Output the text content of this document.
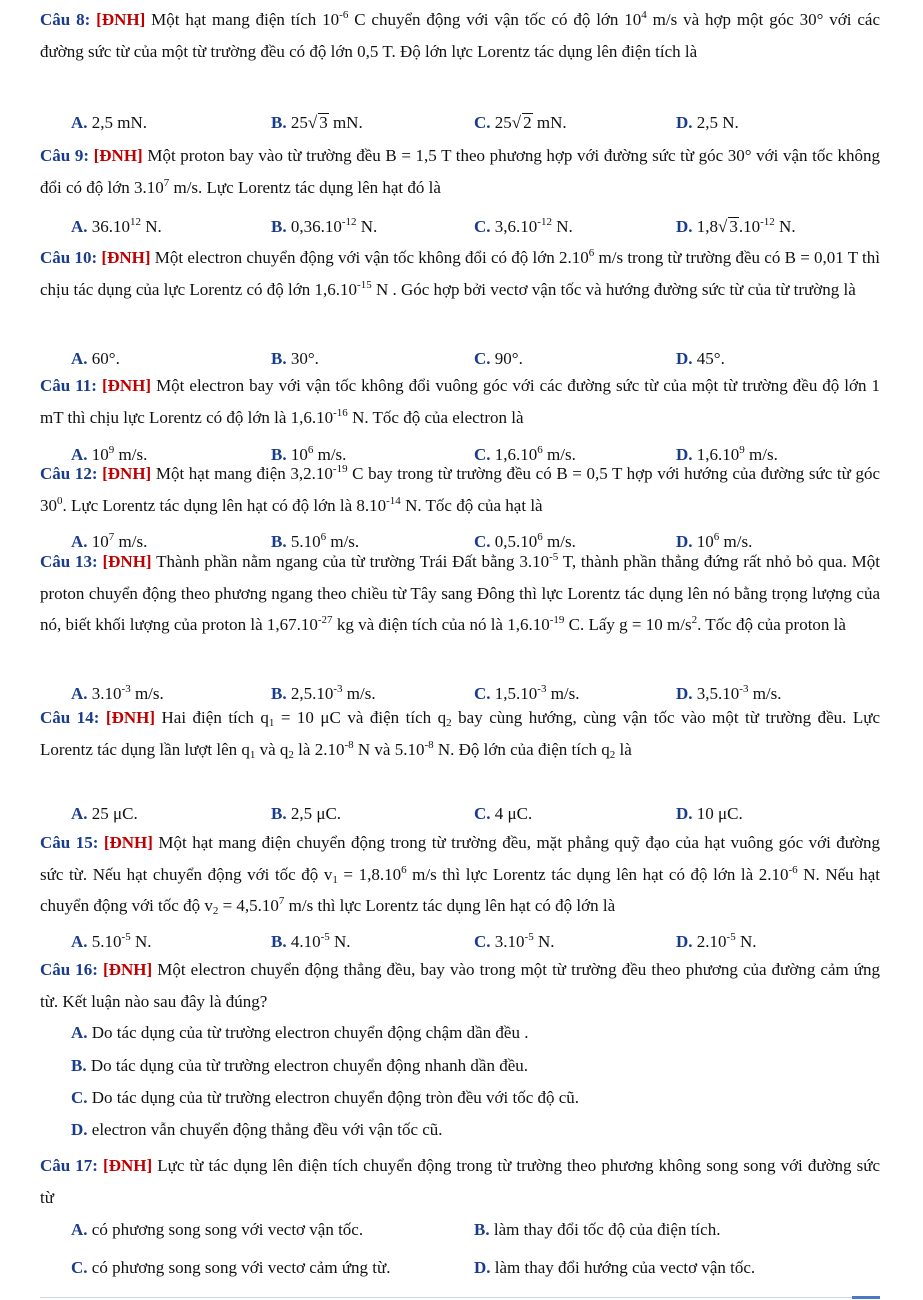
Câu 8: [ĐNH] Một hạt mang điện tích $10^{-6}$ C chuyển động với vận tốc có độ lớn $10^4$ m/s và hợp một góc 30° với các đường sức từ của một từ trường đều có độ lớn 0,5 T. Độ lớn lực Lorentz tác dụng lên điện tích là

A. 2,5 mN.	B. 25√ 3 mN.	C. 25√ 2 mN.	D. 2,5 N.

Câu 9: [ĐNH] Một proton bay vào từ trường đều B = 1,5 T theo phương hợp với đường sức từ góc 30° với vận tốc không đổi có độ lớn 3.10$^7$ m/s. Lực Lorentz tác dụng lên hạt đó là

A. 36.10$^{12}$ N.	B. $0,36.10^{-12}$ N.	C. $3,6.10^{-12}$ N.	D. 1,8√ $3.10^{-12}$ N.

Câu 10: [ĐNH] Một electron chuyển động với vận tốc không đổi có độ lớn 2.10$^6$ m/s trong từ trường đều có B = 0,01 T thì chịu tác dụng của lực Lorentz có độ lớn $1,6.10^{-15}$ N . Góc hợp bởi vectơ vận tốc và hướng đường sức từ của từ trường là

A. 60°.	B. 30°.	C. 90°.	D. 45°.

Câu 11: [ĐNH] Một electron bay với vận tốc không đổi vuông góc với các đường sức từ của một từ trường đều độ lớn 1 mT thì chịu lực Lorentz có độ lớn là $1,6.10^{-16}$ N. Tốc độ của electron là

A. $10^9$ m/s.	B. $10^6$ m/s.	C. 1,6.10$^6$ m/s.	D. 1,6.10$^9$ m/s.

Câu 12: [ĐNH] Một hạt mang điện $3,2.10^{-19}$ C bay trong từ trường đều có B = 0,5 T hợp với hướng của đường sức từ góc $30^0$. Lực Lorentz tác dụng lên hạt có độ lớn là $8.10^{-14}$ N. Tốc độ của hạt là

A. $10^7$ m/s.	B. 5.10$^6$ m/s.	C. 0,5.10$^6$ m/s.	D. $10^6$ m/s.

Câu 13: [ĐNH] Thành phần nằm ngang của từ trường Trái Đất bằng $3.10^{-5}$ T, thành phần thẳng đứng rất nhỏ bỏ qua. Một proton chuyển động theo phương ngang theo chiều từ Tây sang Đông thì lực Lorentz tác dụng lên nó bằng trọng lượng của nó, biết khối lượng của proton là $1,67.10^{-27}$ kg và điện tích của nó là $1,6.10^{-19}$ C. Lấy g = 10 $m/s^2$. Tốc độ của proton là

A. $3.10^{-3}$ m/s.	B. $2,5.10^{-3}$ m/s.	C. $1,5.10^{-3}$ m/s.	D. $3,5.10^{-3}$ m/s.

Câu 14: [ĐNH] Hai điện tích $q_1 = 10$ μC và điện tích $q_2$ bay cùng hướng, cùng vận tốc vào một từ trường đều. Lực Lorentz tác dụng lần lượt lên $q_1$ và $q_2$ là $2.10^{-8}$ N và $5.10^{-8}$ N. Độ lớn của điện tích $q_2$ là

A. 25 μC.	B. 2,5 μC.	C. 4 μC.	D. 10 μC.

Câu 15: [ĐNH] Một hạt mang điện chuyển động trong từ trường đều, mặt phẳng quỹ đạo của hạt vuông góc với đường sức từ. Nếu hạt chuyển động với tốc độ $v_1 = 1,8.10^6$ m/s thì lực Lorentz tác dụng lên hạt có độ lớn là $2.10^{-6}$ N. Nếu hạt chuyển động với tốc độ $v_2 = 4,5.10^7$ m/s thì lực Lorentz tác dụng lên hạt có độ lớn là

A. $5.10^{-5}$ N.	B. $4.10^{-5}$ N.	C. $3.10^{-5}$ N.	D. $2.10^{-5}$ N.

Câu 16: [ĐNH] Một electron chuyển động thẳng đều, bay vào trong một từ trường đều theo phương của đường cảm ứng từ. Kết luận nào sau đây là đúng?

A. Do tác dụng của từ trường electron chuyển động chậm dần đều .
B. Do tác dụng của từ trường electron chuyển động nhanh dần đều.
C. Do tác dụng của từ trường electron chuyển động tròn đều với tốc độ cũ.
D. electron vẫn chuyển động thẳng đều với vận tốc cũ.

Câu 17: [ĐNH] Lực từ tác dụng lên điện tích chuyển động trong từ trường theo phương không song song với đường sức từ

A. có phương song song với vectơ vận tốc.	B. làm thay đổi tốc độ của điện tích.
C. có phương song song với vectơ cảm ứng từ.	D. làm thay đổi hướng của vectơ vận tốc.
